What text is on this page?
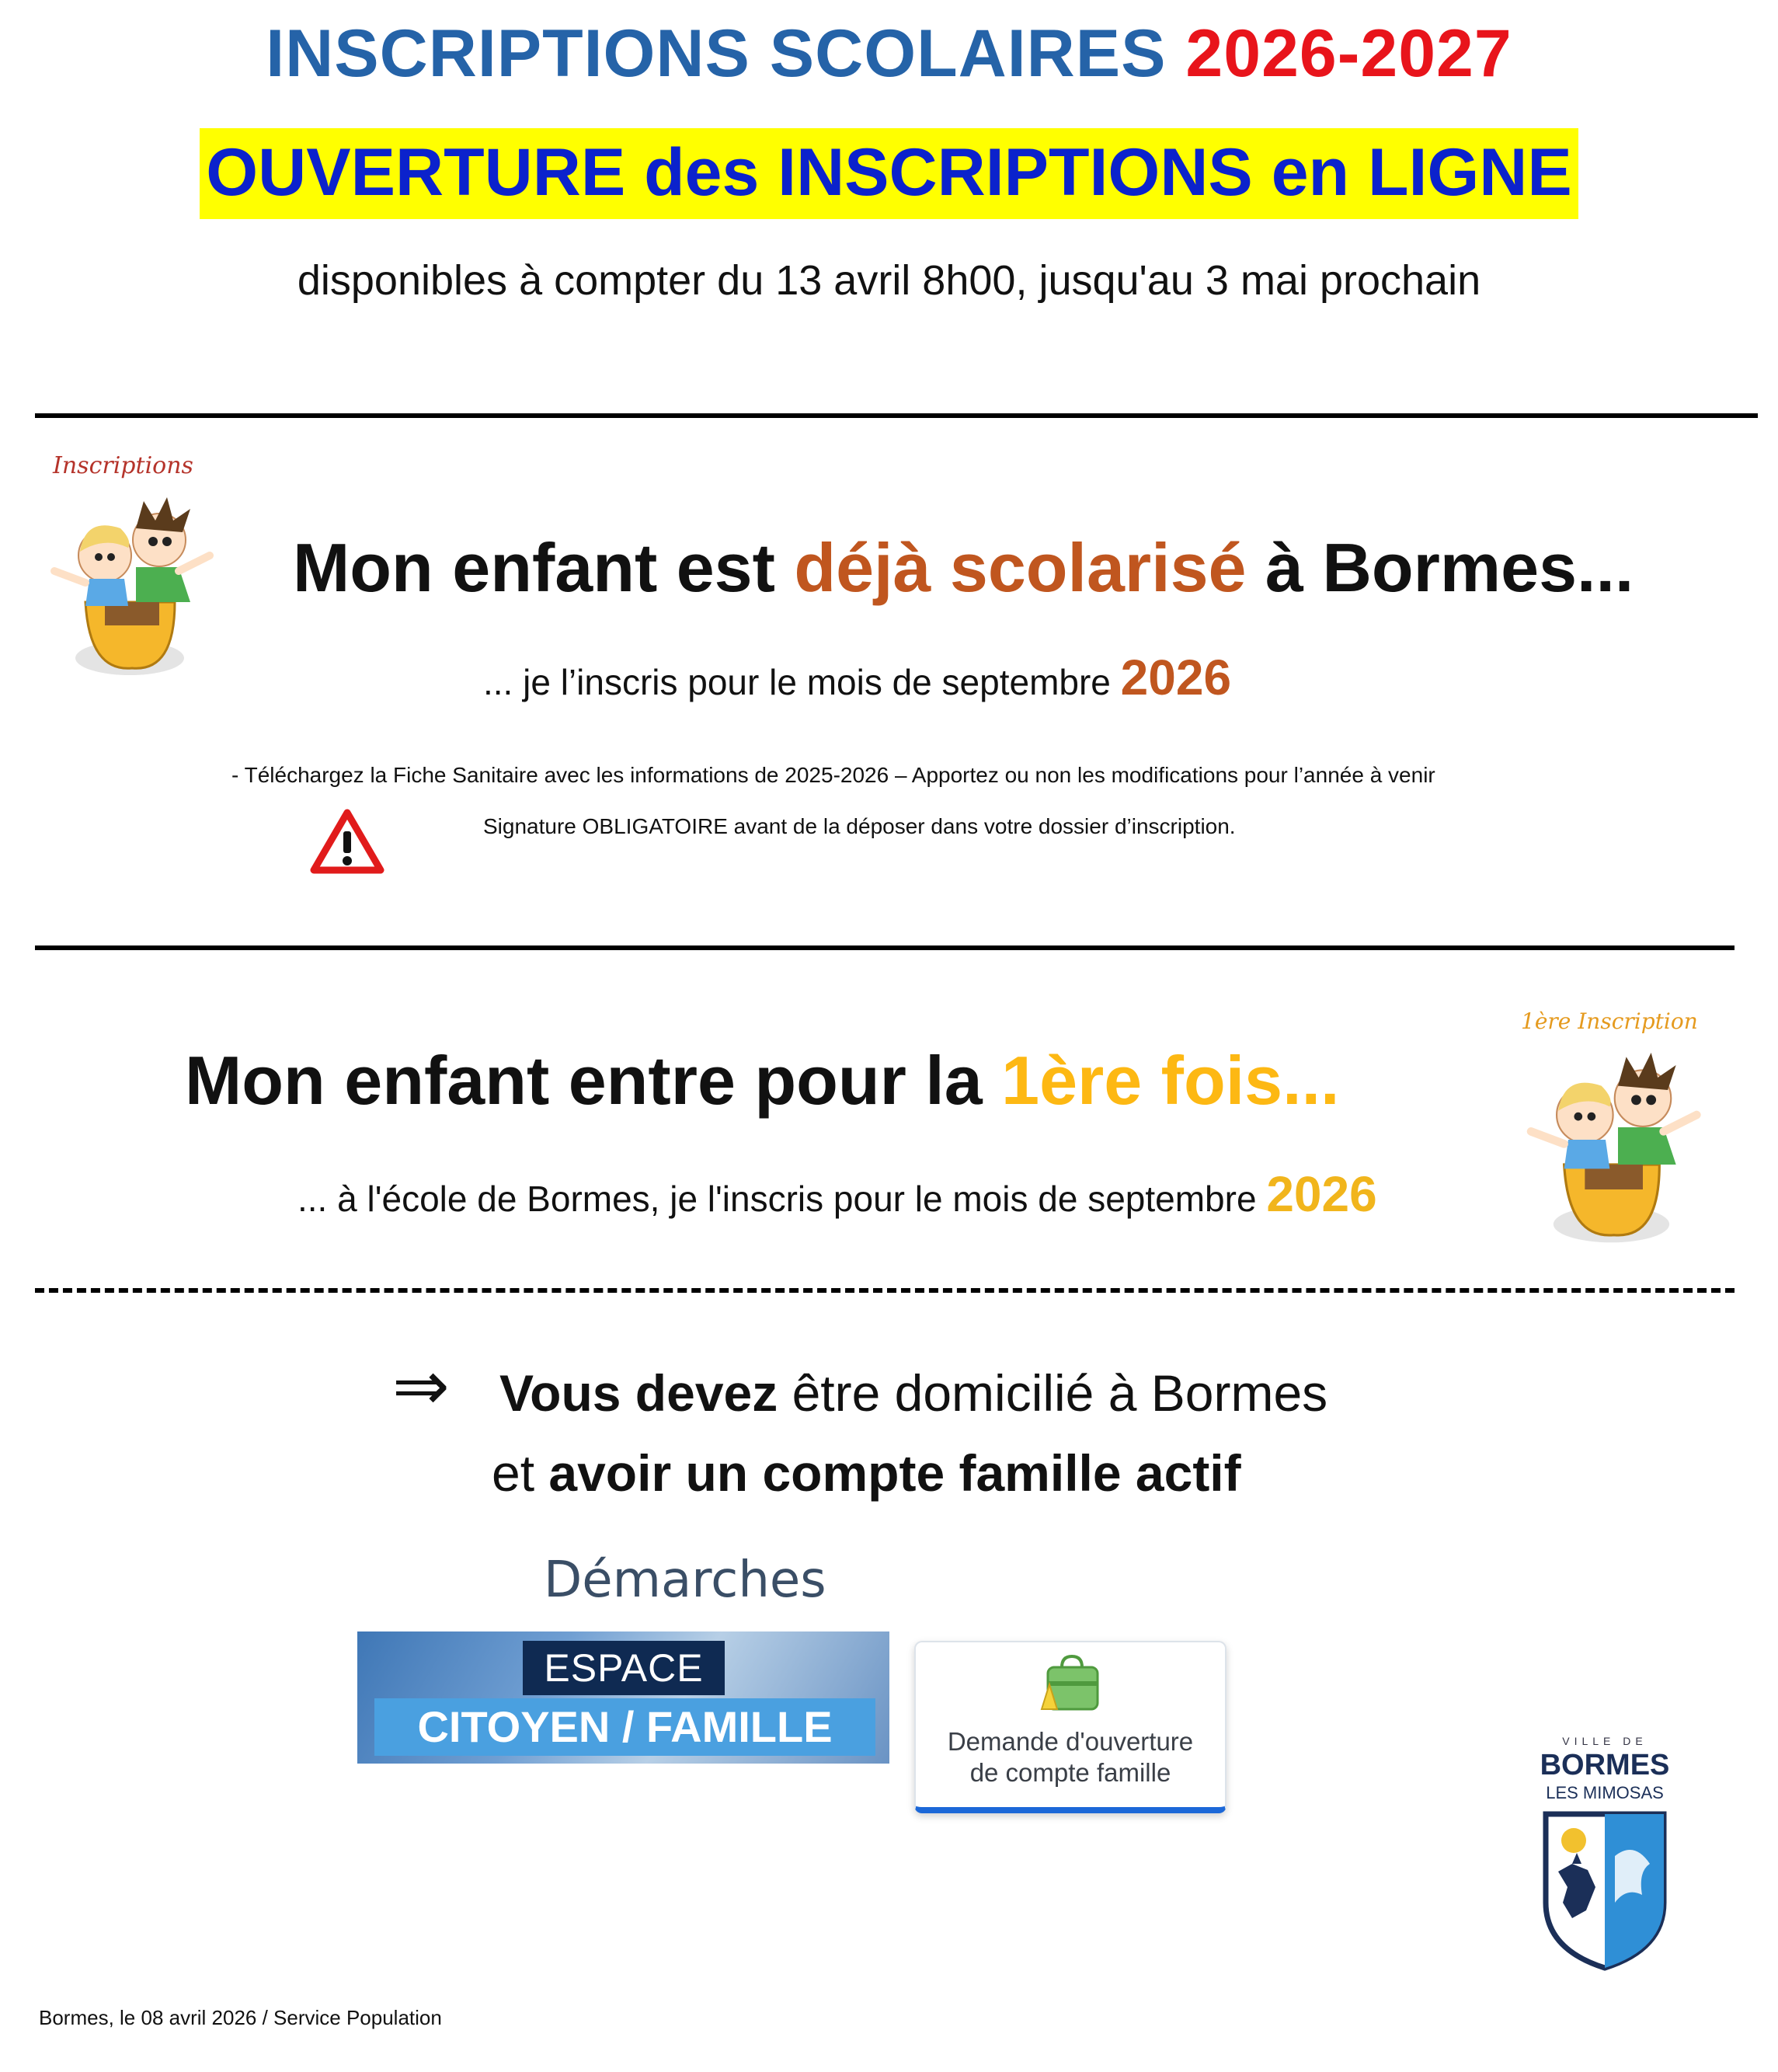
INSCRIPTIONS SCOLAIRES 2026-2027
OUVERTURE des INSCRIPTIONS en LIGNE
disponibles à compter du 13 avril 8h00, jusqu'au 3 mai prochain
Inscriptions
Mon enfant est déjà scolarisé à Bormes...
... je l’inscris pour le mois de septembre 2026
- Téléchargez la Fiche Sanitaire avec les informations de 2025-2026 – Apportez ou non les modifications pour l’année à venir
Signature OBLIGATOIRE avant de la déposer dans votre dossier d’inscription.
1ère Inscription
Mon enfant entre pour la 1ère fois...
... à l'école de Bormes, je l'inscris pour le mois de septembre 2026
⇒ Vous devez être domicilié à Bormes
et avoir un compte famille actif
Démarches
ESPACE
CITOYEN / FAMILLE	Demande d'ouverture
de compte famille
VILLE DE
BORMES
LES MIMOSAS
Bormes, le 08 avril 2026 / Service Population
